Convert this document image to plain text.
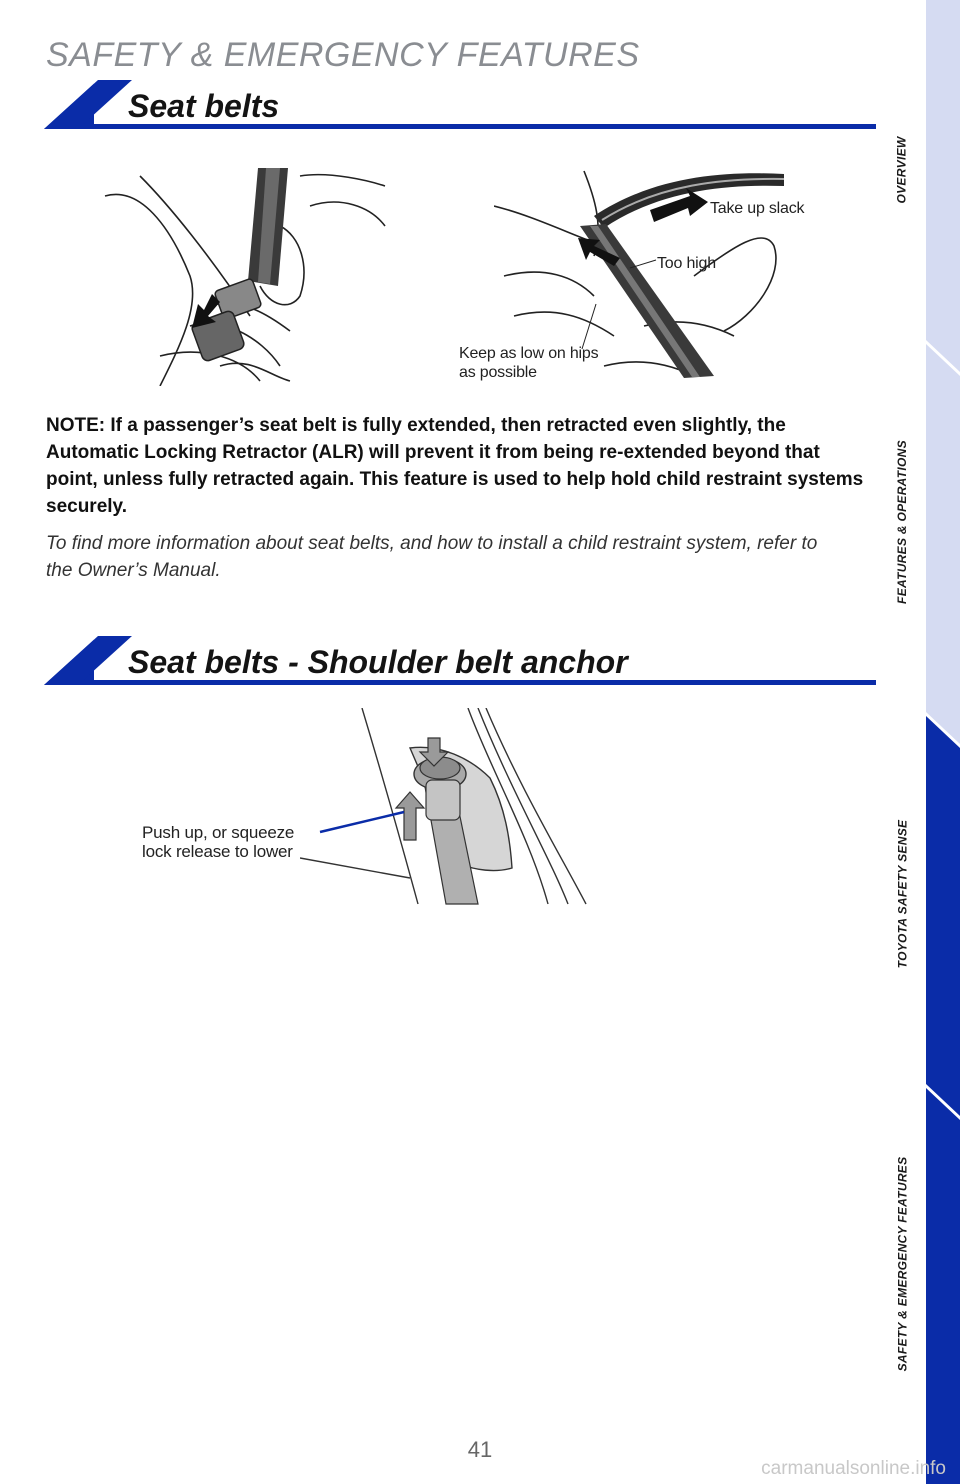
SAFETY & EMERGENCY FEATURES
Seat belts
Take up slack
Too high
Keep as low on hips
as possible
NOTE: If a passenger’s seat belt is fully extended, then retracted even slightly, the Automatic Locking Retractor (ALR) will prevent it from being re-extended beyond that point, unless fully retracted again. This feature is used to help hold child restraint systems securely.
To find more information about seat belts, and how to install a child restraint system, refer to the Owner’s Manual.
Seat belts - Shoulder belt anchor
Push up, or squeeze
lock release to lower
OVERVIEW
FEATURES & OPERATIONS
TOYOTA SAFETY SENSE
SAFETY & EMERGENCY FEATURES
41
carmanualsonline.info
